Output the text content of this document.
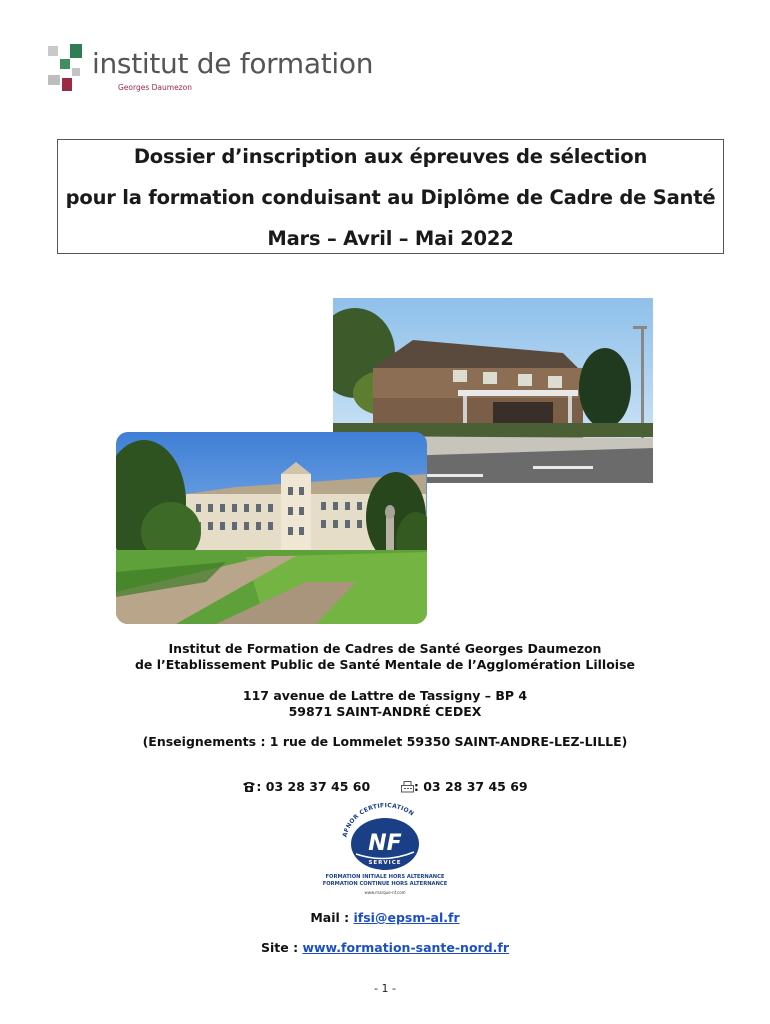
institut de formation
Georges Daumezon
Dossier d’inscription aux épreuves de sélection
pour la formation conduisant au Diplôme de Cadre de Santé
Mars – Avril – Mai 2022
Institut de Formation de Cadres de Santé Georges Daumezon
de l’Etablissement Public de Santé Mentale de l’Agglomération Lilloise
117 avenue de Lattre de Tassigny – BP 4
59871 SAINT-ANDRÉ CEDEX
(Enseignements : 1 rue de Lommelet 59350 SAINT-ANDRE-LEZ-LILLE)
: 03 28 37 45 60	: 03 28 37 45 69
AFNOR CERTIFICATION
NF
SERVICE
FORMATION INITIALE HORS ALTERNANCE
FORMATION CONTINUE HORS ALTERNANCE
www.marque-nf.com
Mail : ifsi@epsm-al.fr
Site : www.formation-sante-nord.fr
- 1 -
